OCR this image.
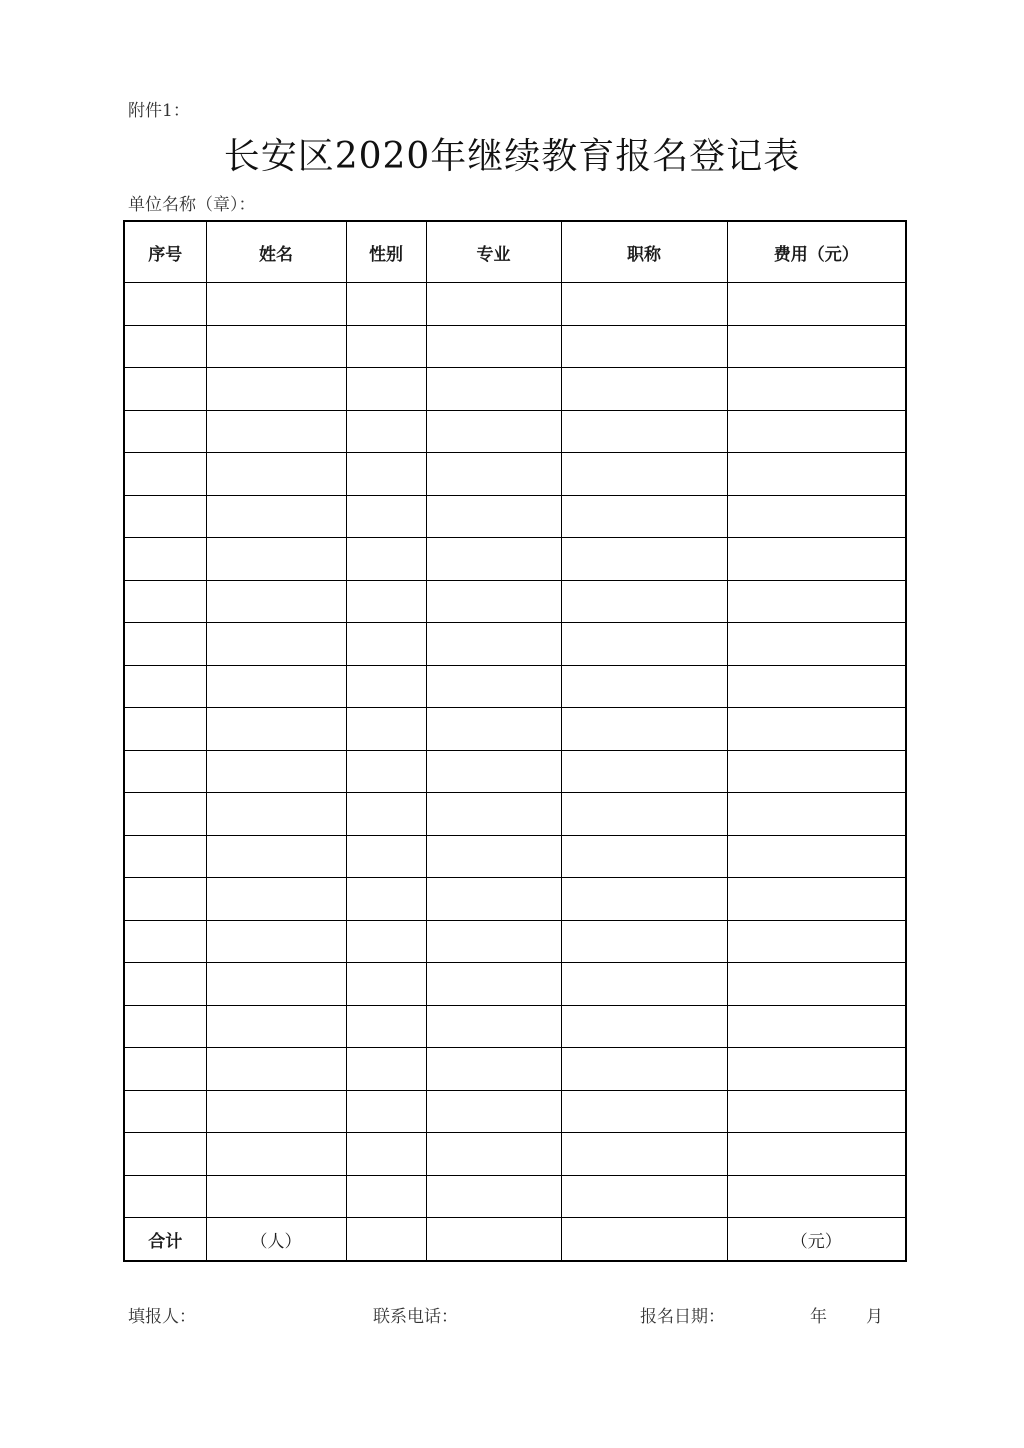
附件1：
长安区2020年继续教育报名登记表
单位名称（章）：
序号	姓名	性别	专业	职称	费用（元）

合计	（人）				（元）
填报人：	联系电话：	报名日期：	年 月
